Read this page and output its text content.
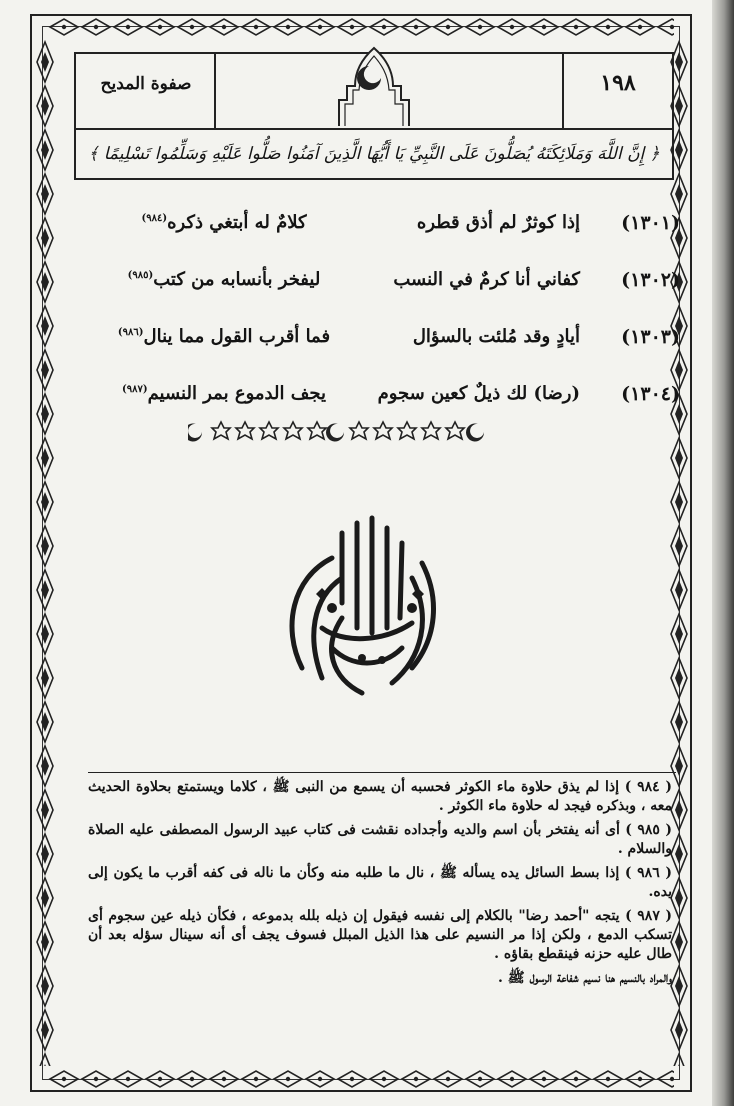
صفوة المديح	١٩٨
﴿ إِنَّ اللَّهَ وَمَلَائِكَتَهُ يُصَلُّونَ عَلَى النَّبِيِّ يَا أَيُّهَا الَّذِينَ آمَنُوا صَلُّوا عَلَيْهِ وَسَلِّمُوا تَسْلِيمًا ﴾
(١٣٠١)
إذا كوثرٌ لم أذق قطره
كلامٌ له أبتغي ذكره$^{(٩٨٤)}$
(١٣٠٢)
كفاني أنا كرمٌ في النسب
ليفخر بأنسابه من كتب$^{(٩٨٥)}$
(١٣٠٣)
أيادٍ وقد مُلئت بالسؤال
فما أقرب القول مما ينال$^{(٩٨٦)}$
(١٣٠٤)
(رضا) لك ذيلٌ كعين سجوم
يجف الدموع بمر النسيم$^{(٩٨٧)}$

( ٩٨٤ ) إذا لم يذق حلاوة ماء الكوثر فحسبه أن يسمع من النبى ﷺ ، كلاما ويستمتع بحلاوة الحديث معه ، وبذكره فيجد له حلاوة ماء الكوثر .

( ٩٨٥ ) أى أنه يفتخر بأن اسم والديه وأجداده نقشت فى كتاب عبيد الرسول المصطفى عليه الصلاة والسلام .

( ٩٨٦ ) إذا بسط السائل يده يسأله ﷺ ، نال ما طلبه منه وكأن ما ناله فى كفه أقرب ما يكون إلى يده.

( ٩٨٧ ) يتجه "أحمد رضا" بالكلام إلى نفسه فيقول إن ذيله بلله بدموعه ، فكأن ذيله عين سجوم أى تسكب الدمع ، ولكن إذا مر النسيم على هذا الذيل المبلل فسوف يجف أى أنه سينال سؤله بعد أن طال عليه حزنه فينقطع بقاؤه .

والمراد بالنسيم هنا نسيم شفاعة الرسول ﷺ .
